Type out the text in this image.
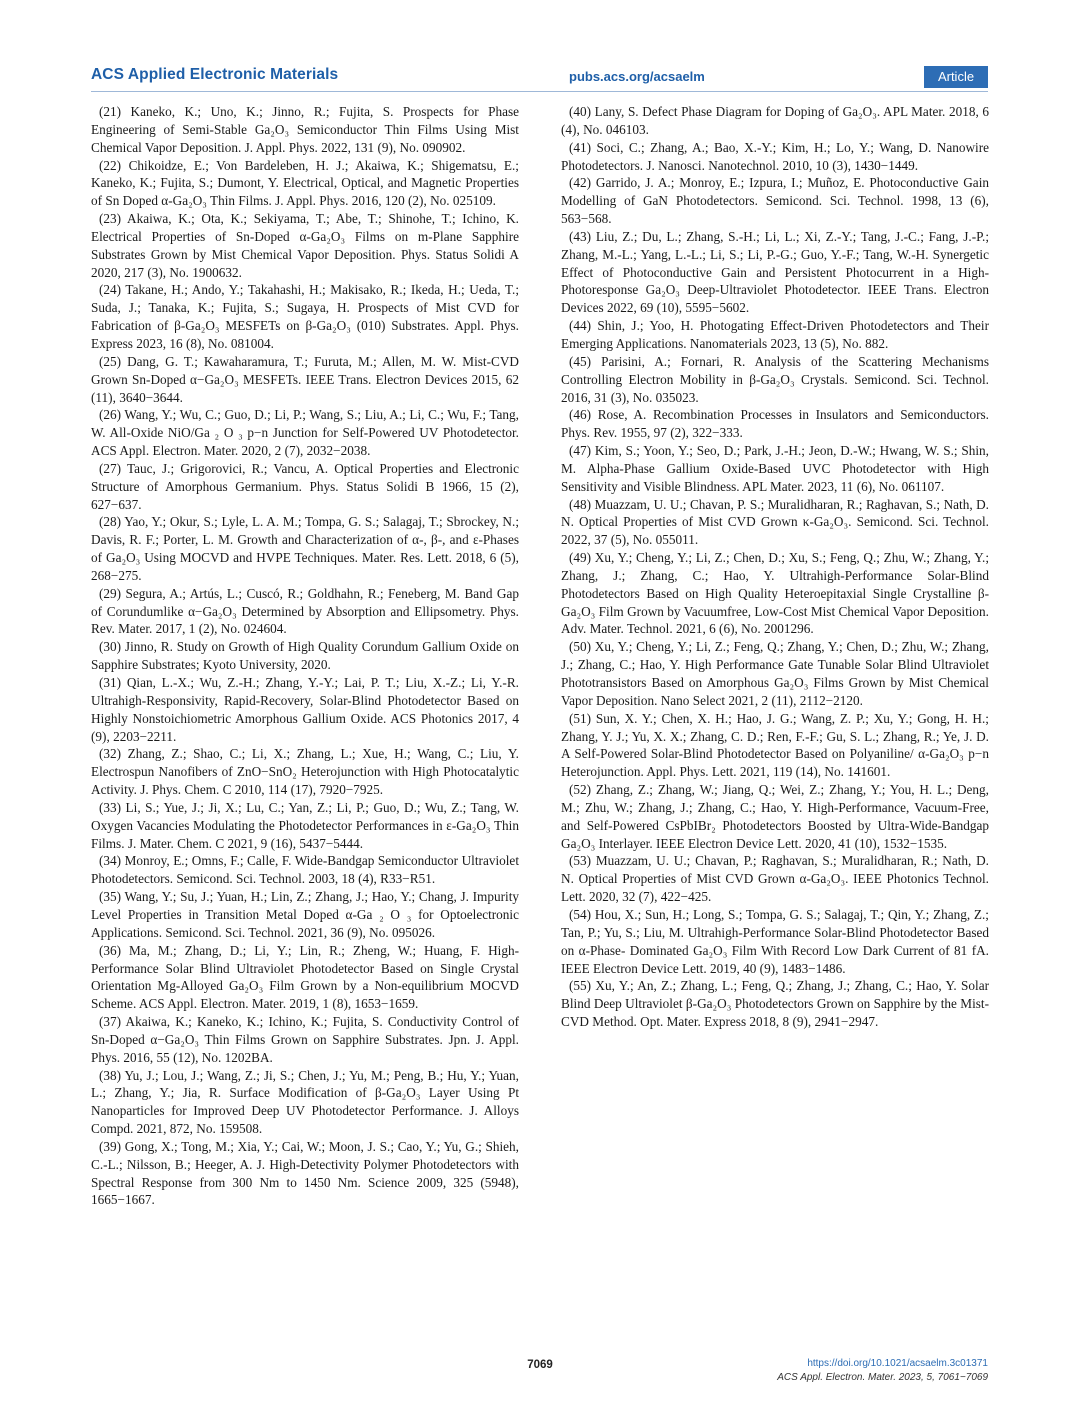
ACS Applied Electronic Materials	pubs.acs.org/acsaelm	Article

(21) Kaneko, K.; Uno, K.; Jinno, R.; Fujita, S. Prospects for Phase Engineering of Semi-Stable Ga₂O₃ Semiconductor Thin Films Using Mist Chemical Vapor Deposition. J. Appl. Phys. 2022, 131 (9), No. 090902.

(22) Chikoidze, E.; Von Bardeleben, H. J.; Akaiwa, K.; Shigematsu, E.; Kaneko, K.; Fujita, S.; Dumont, Y. Electrical, Optical, and Magnetic Properties of Sn Doped α-Ga₂O₃ Thin Films. J. Appl. Phys. 2016, 120 (2), No. 025109.

(23) Akaiwa, K.; Ota, K.; Sekiyama, T.; Abe, T.; Shinohe, T.; Ichino, K. Electrical Properties of Sn-Doped α-Ga₂O₃ Films on m-Plane Sapphire Substrates Grown by Mist Chemical Vapor Deposition. Phys. Status Solidi A 2020, 217 (3), No. 1900632.

(24) Takane, H.; Ando, Y.; Takahashi, H.; Makisako, R.; Ikeda, H.; Ueda, T.; Suda, J.; Tanaka, K.; Fujita, S.; Sugaya, H. Prospects of Mist CVD for Fabrication of β-Ga₂O₃ MESFETs on β-Ga₂O₃ (010) Substrates. Appl. Phys. Express 2023, 16 (8), No. 081004.

(25) Dang, G. T.; Kawaharamura, T.; Furuta, M.; Allen, M. W. Mist-CVD Grown Sn-Doped α−Ga₂O₃ MESFETs. IEEE Trans. Electron Devices 2015, 62 (11), 3640−3644.

(26) Wang, Y.; Wu, C.; Guo, D.; Li, P.; Wang, S.; Liu, A.; Li, C.; Wu, F.; Tang, W. All-Oxide NiO/Ga ₂ O ₃ p−n Junction for Self-Powered UV Photodetector. ACS Appl. Electron. Mater. 2020, 2 (7), 2032−2038.

(27) Tauc, J.; Grigorovici, R.; Vancu, A. Optical Properties and Electronic Structure of Amorphous Germanium. Phys. Status Solidi B 1966, 15 (2), 627−637.

(28) Yao, Y.; Okur, S.; Lyle, L. A. M.; Tompa, G. S.; Salagaj, T.; Sbrockey, N.; Davis, R. F.; Porter, L. M. Growth and Characterization of α-, β-, and ε-Phases of Ga₂O₃ Using MOCVD and HVPE Techniques. Mater. Res. Lett. 2018, 6 (5), 268−275.

(29) Segura, A.; Artús, L.; Cuscó, R.; Goldhahn, R.; Feneberg, M. Band Gap of Corundumlike α−Ga₂O₃ Determined by Absorption and Ellipsometry. Phys. Rev. Mater. 2017, 1 (2), No. 024604.

(30) Jinno, R. Study on Growth of High Quality Corundum Gallium Oxide on Sapphire Substrates; Kyoto University, 2020.

(31) Qian, L.-X.; Wu, Z.-H.; Zhang, Y.-Y.; Lai, P. T.; Liu, X.-Z.; Li, Y.-R. Ultrahigh-Responsivity, Rapid-Recovery, Solar-Blind Photodetector Based on Highly Nonstoichiometric Amorphous Gallium Oxide. ACS Photonics 2017, 4 (9), 2203−2211.

(32) Zhang, Z.; Shao, C.; Li, X.; Zhang, L.; Xue, H.; Wang, C.; Liu, Y. Electrospun Nanofibers of ZnO−SnO₂ Heterojunction with High Photocatalytic Activity. J. Phys. Chem. C 2010, 114 (17), 7920−7925.

(33) Li, S.; Yue, J.; Ji, X.; Lu, C.; Yan, Z.; Li, P.; Guo, D.; Wu, Z.; Tang, W. Oxygen Vacancies Modulating the Photodetector Performances in ε-Ga₂O₃ Thin Films. J. Mater. Chem. C 2021, 9 (16), 5437−5444.

(34) Monroy, E.; Omns, F.; Calle, F. Wide-Bandgap Semiconductor Ultraviolet Photodetectors. Semicond. Sci. Technol. 2003, 18 (4), R33−R51.

(35) Wang, Y.; Su, J.; Yuan, H.; Lin, Z.; Zhang, J.; Hao, Y.; Chang, J. Impurity Level Properties in Transition Metal Doped α-Ga ₂ O ₃ for Optoelectronic Applications. Semicond. Sci. Technol. 2021, 36 (9), No. 095026.

(36) Ma, M.; Zhang, D.; Li, Y.; Lin, R.; Zheng, W.; Huang, F. High-Performance Solar Blind Ultraviolet Photodetector Based on Single Crystal Orientation Mg-Alloyed Ga₂O₃ Film Grown by a Non-equilibrium MOCVD Scheme. ACS Appl. Electron. Mater. 2019, 1 (8), 1653−1659.

(37) Akaiwa, K.; Kaneko, K.; Ichino, K.; Fujita, S. Conductivity Control of Sn-Doped α−Ga₂O₃ Thin Films Grown on Sapphire Substrates. Jpn. J. Appl. Phys. 2016, 55 (12), No. 1202BA.

(38) Yu, J.; Lou, J.; Wang, Z.; Ji, S.; Chen, J.; Yu, M.; Peng, B.; Hu, Y.; Yuan, L.; Zhang, Y.; Jia, R. Surface Modification of β-Ga₂O₃ Layer Using Pt Nanoparticles for Improved Deep UV Photodetector Performance. J. Alloys Compd. 2021, 872, No. 159508.

(39) Gong, X.; Tong, M.; Xia, Y.; Cai, W.; Moon, J. S.; Cao, Y.; Yu, G.; Shieh, C.-L.; Nilsson, B.; Heeger, A. J. High-Detectivity Polymer Photodetectors with Spectral Response from 300 Nm to 1450 Nm. Science 2009, 325 (5948), 1665−1667.

(40) Lany, S. Defect Phase Diagram for Doping of Ga₂O₃. APL Mater. 2018, 6 (4), No. 046103.

(41) Soci, C.; Zhang, A.; Bao, X.-Y.; Kim, H.; Lo, Y.; Wang, D. Nanowire Photodetectors. J. Nanosci. Nanotechnol. 2010, 10 (3), 1430−1449.

(42) Garrido, J. A.; Monroy, E.; Izpura, I.; Muñoz, E. Photoconductive Gain Modelling of GaN Photodetectors. Semicond. Sci. Technol. 1998, 13 (6), 563−568.

(43) Liu, Z.; Du, L.; Zhang, S.-H.; Li, L.; Xi, Z.-Y.; Tang, J.-C.; Fang, J.-P.; Zhang, M.-L.; Yang, L.-L.; Li, S.; Li, P.-G.; Guo, Y.-F.; Tang, W.-H. Synergetic Effect of Photoconductive Gain and Persistent Photocurrent in a High-Photoresponse Ga₂O₃ Deep-Ultraviolet Photodetector. IEEE Trans. Electron Devices 2022, 69 (10), 5595−5602.

(44) Shin, J.; Yoo, H. Photogating Effect-Driven Photodetectors and Their Emerging Applications. Nanomaterials 2023, 13 (5), No. 882.

(45) Parisini, A.; Fornari, R. Analysis of the Scattering Mechanisms Controlling Electron Mobility in β-Ga₂O₃ Crystals. Semicond. Sci. Technol. 2016, 31 (3), No. 035023.

(46) Rose, A. Recombination Processes in Insulators and Semiconductors. Phys. Rev. 1955, 97 (2), 322−333.

(47) Kim, S.; Yoon, Y.; Seo, D.; Park, J.-H.; Jeon, D.-W.; Hwang, W. S.; Shin, M. Alpha-Phase Gallium Oxide-Based UVC Photodetector with High Sensitivity and Visible Blindness. APL Mater. 2023, 11 (6), No. 061107.

(48) Muazzam, U. U.; Chavan, P. S.; Muralidharan, R.; Raghavan, S.; Nath, D. N. Optical Properties of Mist CVD Grown κ-Ga₂O₃. Semicond. Sci. Technol. 2022, 37 (5), No. 055011.

(49) Xu, Y.; Cheng, Y.; Li, Z.; Chen, D.; Xu, S.; Feng, Q.; Zhu, W.; Zhang, Y.; Zhang, J.; Zhang, C.; Hao, Y. Ultrahigh-Performance Solar-Blind Photodetectors Based on High Quality Heteroepitaxial Single Crystalline β-Ga₂O₃ Film Grown by Vacuumfree, Low-Cost Mist Chemical Vapor Deposition. Adv. Mater. Technol. 2021, 6 (6), No. 2001296.

(50) Xu, Y.; Cheng, Y.; Li, Z.; Feng, Q.; Zhang, Y.; Chen, D.; Zhu, W.; Zhang, J.; Zhang, C.; Hao, Y. High Performance Gate Tunable Solar Blind Ultraviolet Phototransistors Based on Amorphous Ga₂O₃ Films Grown by Mist Chemical Vapor Deposition. Nano Select 2021, 2 (11), 2112−2120.

(51) Sun, X. Y.; Chen, X. H.; Hao, J. G.; Wang, Z. P.; Xu, Y.; Gong, H. H.; Zhang, Y. J.; Yu, X. X.; Zhang, C. D.; Ren, F.-F.; Gu, S. L.; Zhang, R.; Ye, J. D. A Self-Powered Solar-Blind Photodetector Based on Polyaniline/ α-Ga₂O₃ p−n Heterojunction. Appl. Phys. Lett. 2021, 119 (14), No. 141601.

(52) Zhang, Z.; Zhang, W.; Jiang, Q.; Wei, Z.; Zhang, Y.; You, H. L.; Deng, M.; Zhu, W.; Zhang, J.; Zhang, C.; Hao, Y. High-Performance, Vacuum-Free, and Self-Powered CsPbIBr₂ Photodetectors Boosted by Ultra-Wide-Bandgap Ga₂O₃ Interlayer. IEEE Electron Device Lett. 2020, 41 (10), 1532−1535.

(53) Muazzam, U. U.; Chavan, P.; Raghavan, S.; Muralidharan, R.; Nath, D. N. Optical Properties of Mist CVD Grown α-Ga₂O₃. IEEE Photonics Technol. Lett. 2020, 32 (7), 422−425.

(54) Hou, X.; Sun, H.; Long, S.; Tompa, G. S.; Salagaj, T.; Qin, Y.; Zhang, Z.; Tan, P.; Yu, S.; Liu, M. Ultrahigh-Performance Solar-Blind Photodetector Based on α-Phase- Dominated Ga₂O₃ Film With Record Low Dark Current of 81 fA. IEEE Electron Device Lett. 2019, 40 (9), 1483−1486.

(55) Xu, Y.; An, Z.; Zhang, L.; Feng, Q.; Zhang, J.; Zhang, C.; Hao, Y. Solar Blind Deep Ultraviolet β-Ga₂O₃ Photodetectors Grown on Sapphire by the Mist-CVD Method. Opt. Mater. Express 2018, 8 (9), 2941−2947.

7069	https://doi.org/10.1021/acsaelm.3c01371
ACS Appl. Electron. Mater. 2023, 5, 7061−7069
